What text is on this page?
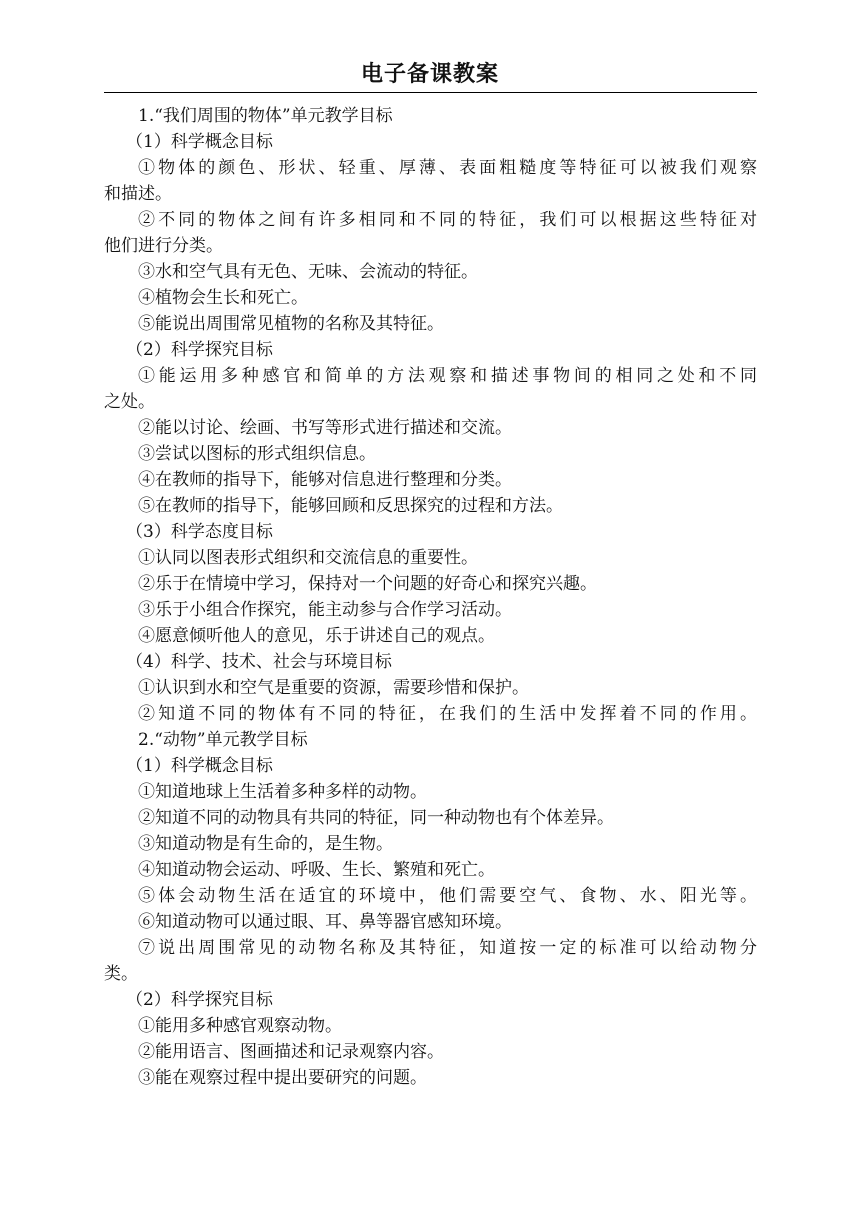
电子备课教案

1.“我们周围的物体”单元教学目标

（1）科学概念目标

①物体的颜色、形状、轻重、厚薄、表面粗糙度等特征可以被我们观察

和描述。

②不同的物体之间有许多相同和不同的特征，我们可以根据这些特征对

他们进行分类。

③水和空气具有无色、无味、会流动的特征。

④植物会生长和死亡。

⑤能说出周围常见植物的名称及其特征。

（2）科学探究目标

①能运用多种感官和简单的方法观察和描述事物间的相同之处和不同

之处。

②能以讨论、绘画、书写等形式进行描述和交流。

③尝试以图标的形式组织信息。

④在教师的指导下，能够对信息进行整理和分类。

⑤在教师的指导下，能够回顾和反思探究的过程和方法。

（3）科学态度目标

①认同以图表形式组织和交流信息的重要性。

②乐于在情境中学习，保持对一个问题的好奇心和探究兴趣。

③乐于小组合作探究，能主动参与合作学习活动。

④愿意倾听他人的意见，乐于讲述自己的观点。

（4）科学、技术、社会与环境目标

①认识到水和空气是重要的资源，需要珍惜和保护。

②知道不同的物体有不同的特征，在我们的生活中发挥着不同的作用。

2.“动物”单元教学目标

（1）科学概念目标

①知道地球上生活着多种多样的动物。

②知道不同的动物具有共同的特征，同一种动物也有个体差异。

③知道动物是有生命的，是生物。

④知道动物会运动、呼吸、生长、繁殖和死亡。

⑤体会动物生活在适宜的环境中，他们需要空气、食物、水、阳光等。

⑥知道动物可以通过眼、耳、鼻等器官感知环境。

⑦说出周围常见的动物名称及其特征，知道按一定的标准可以给动物分

类。

（2）科学探究目标

①能用多种感官观察动物。

②能用语言、图画描述和记录观察内容。

③能在观察过程中提出要研究的问题。
